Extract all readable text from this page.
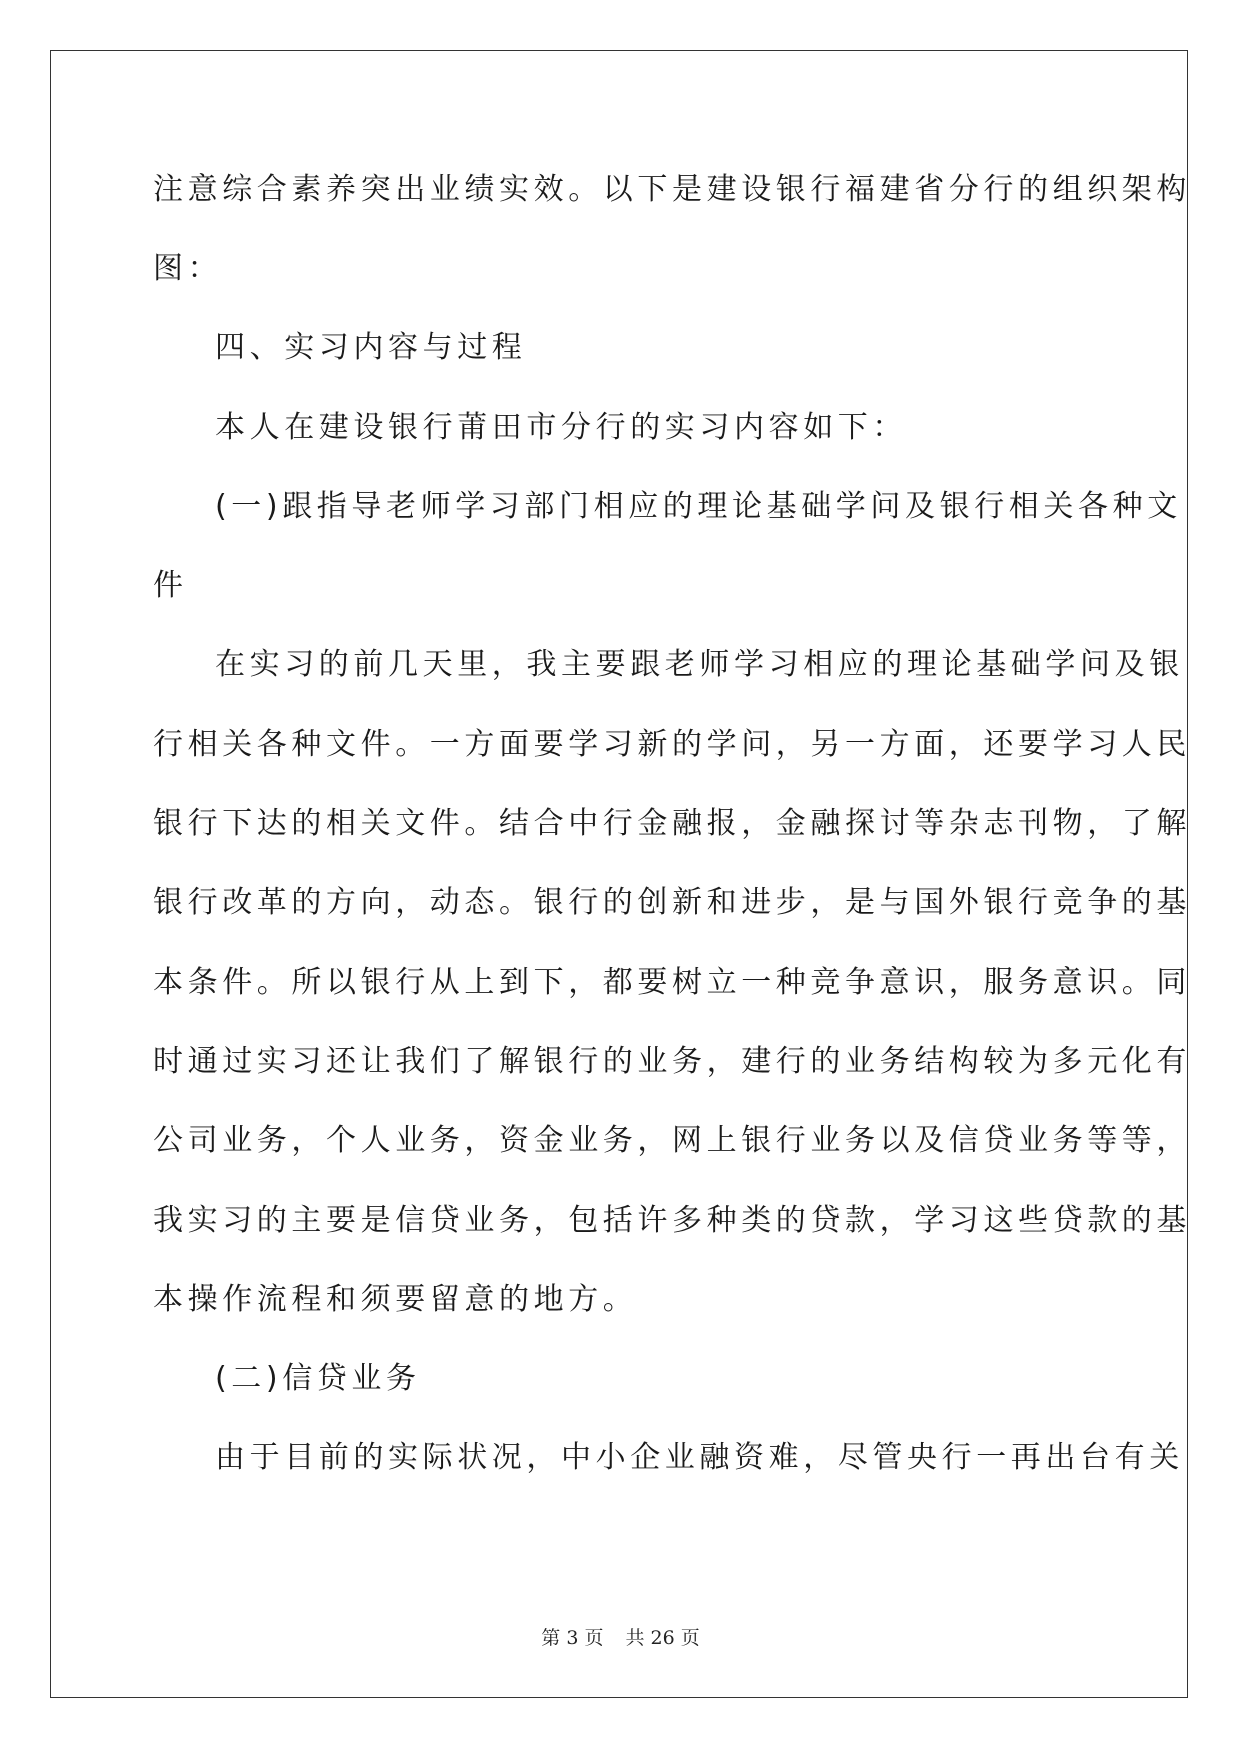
注意综合素养突出业绩实效。以下是建设银行福建省分行的组织架构
图：
四、实习内容与过程
本人在建设银行莆田市分行的实习内容如下：
(一)跟指导老师学习部门相应的理论基础学问及银行相关各种文
件
在实习的前几天里，我主要跟老师学习相应的理论基础学问及银
行相关各种文件。一方面要学习新的学问，另一方面，还要学习人民
银行下达的相关文件。结合中行金融报，金融探讨等杂志刊物，了解
银行改革的方向，动态。银行的创新和进步，是与国外银行竞争的基
本条件。所以银行从上到下，都要树立一种竞争意识，服务意识。同
时通过实习还让我们了解银行的业务，建行的业务结构较为多元化有
公司业务，个人业务，资金业务，网上银行业务以及信贷业务等等，
我实习的主要是信贷业务，包括许多种类的贷款，学习这些贷款的基
本操作流程和须要留意的地方。
(二)信贷业务
由于目前的实际状况，中小企业融资难，尽管央行一再出台有关
第 3 页 共 26 页
